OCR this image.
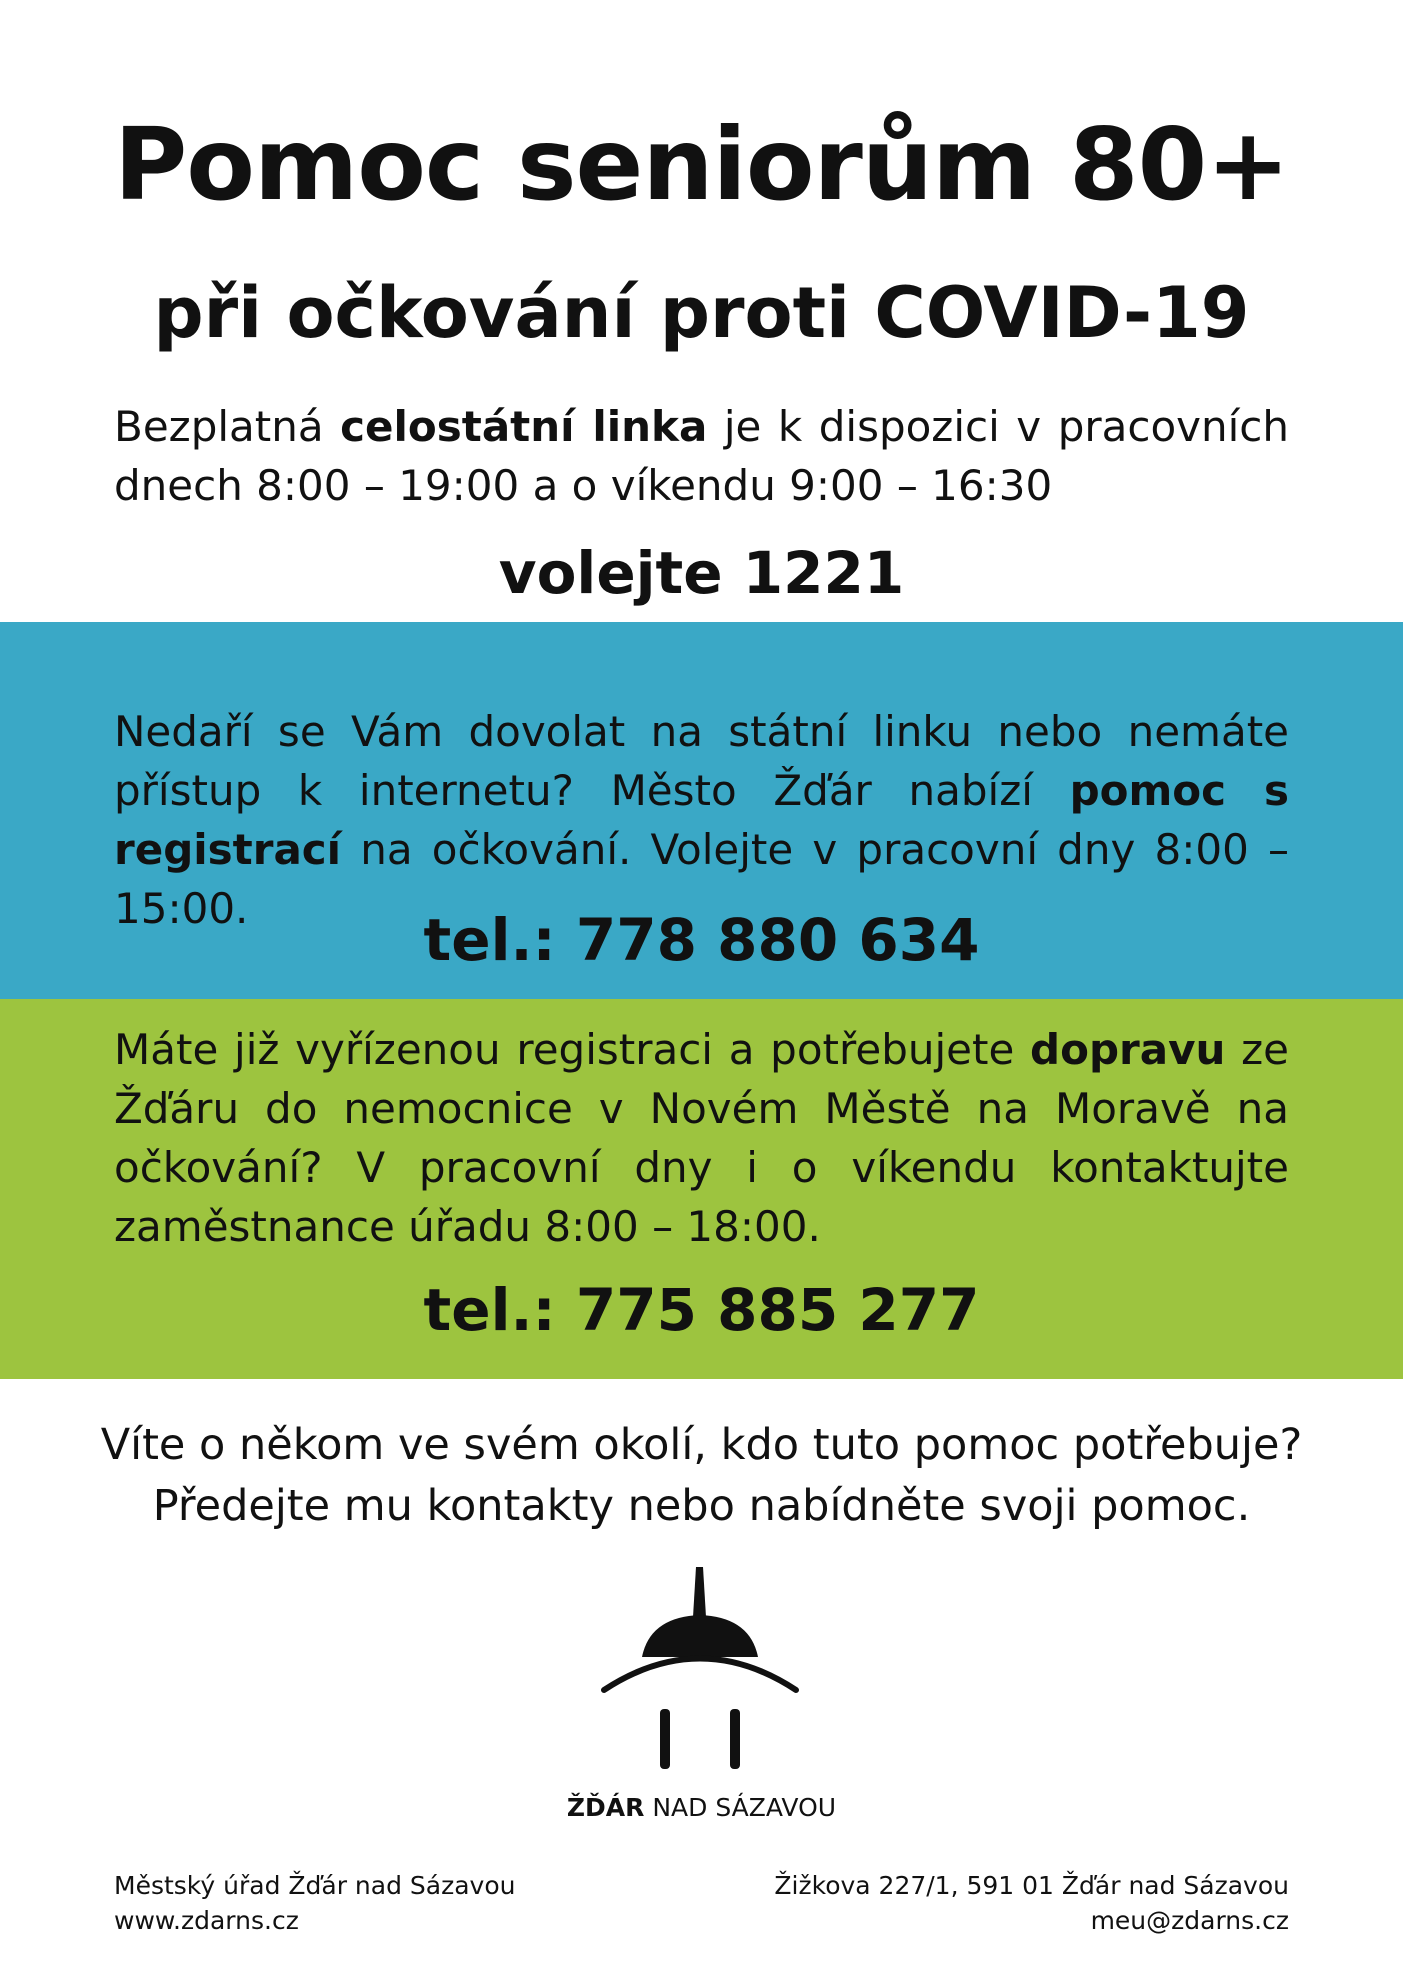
Pomoc seniorům 80+
při očkování proti COVID-19

Bezplatná celostátní linka je k dispozici v pracovních dnech 8:00 – 19:00 a o víkendu 9:00 – 16:30

volejte 1221

Nedaří se Vám dovolat na státní linku nebo nemáte přístup k internetu? Město Žďár nabízí pomoc s registrací na očkování. Volejte v pracovní dny 8:00 – 15:00.	tel.: 778 880 634

Máte již vyřízenou registraci a potřebujete dopravu ze Žďáru do nemocnice v Novém Městě na Moravě na očkování? V pracovní dny i o víkendu kontaktujte zaměstnance úřadu 8:00 – 18:00.

tel.: 775 885 277
Víte o někom ve svém okolí, kdo tuto pomoc potřebuje?
Předejte mu kontakty nebo nabídněte svoji pomoc.
ŽĎÁR NAD SÁZAVOU
Městský úřad Žďár nad Sázavou
www.zdarns.cz
Žižkova 227/1, 591 01 Žďár nad Sázavou
meu@zdarns.cz
